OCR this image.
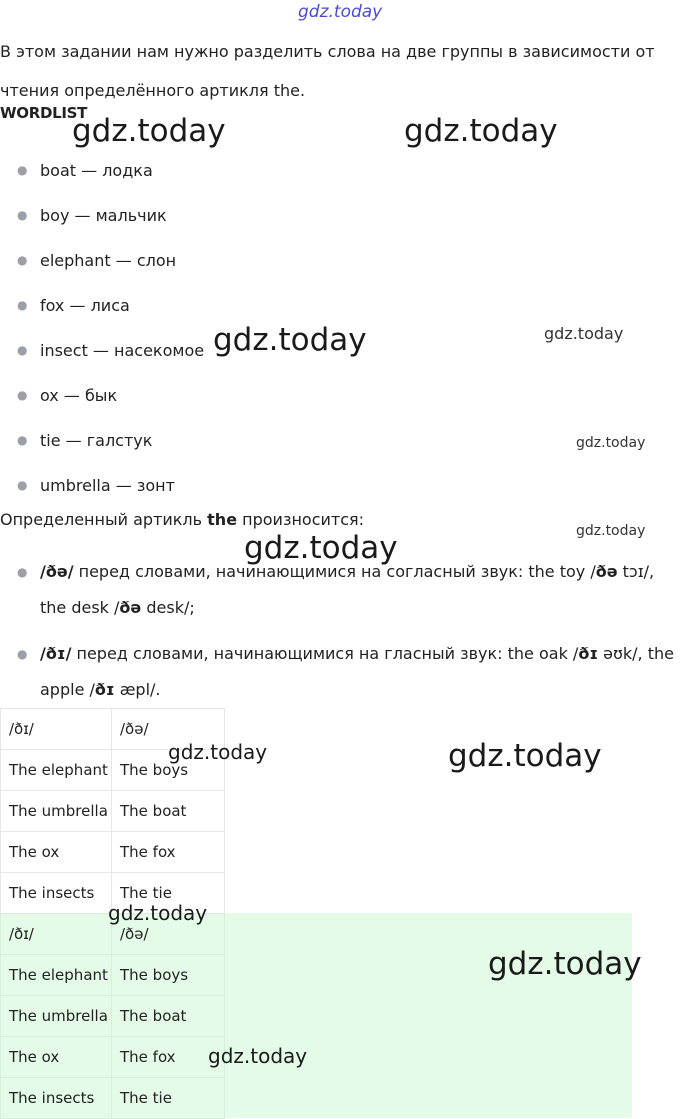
gdz.today
gdz.today	gdz.today
gdz.today	gdz.today
gdz.today
gdz.today
gdz.today

В этом задании нам нужно разделить слова на две группы в зависимости от чтения определённого артикля the.

WORDLIST
● boat — лодка
● boy — мальчик
● elephant — слон
● fox — лиса
● insect — насекомое
● ox — бык
● tie — галстук
● umbrella — зонт

Определенный артикль the произносится:

● /ðə/ перед словами, начинающимися на согласный звук: the toy /ðə tɔɪ/, the desk /ðə desk/;
● /ðɪ/ перед словами, начинающимися на гласный звук: the oak /ðɪ əʊk/, the apple /ðɪ æpl/.
/ðɪ/	/ðə/
The elephant	The boys
The umbrella	The boat
The ox	The fox
The insects	The tie
gdz.today	gdz.today
/ðɪ/	/ðə/
The elephant	The boys
The umbrella	The boat
The ox	The fox
The insects	The tie
gdz.today
gdz.today
gdz.today
